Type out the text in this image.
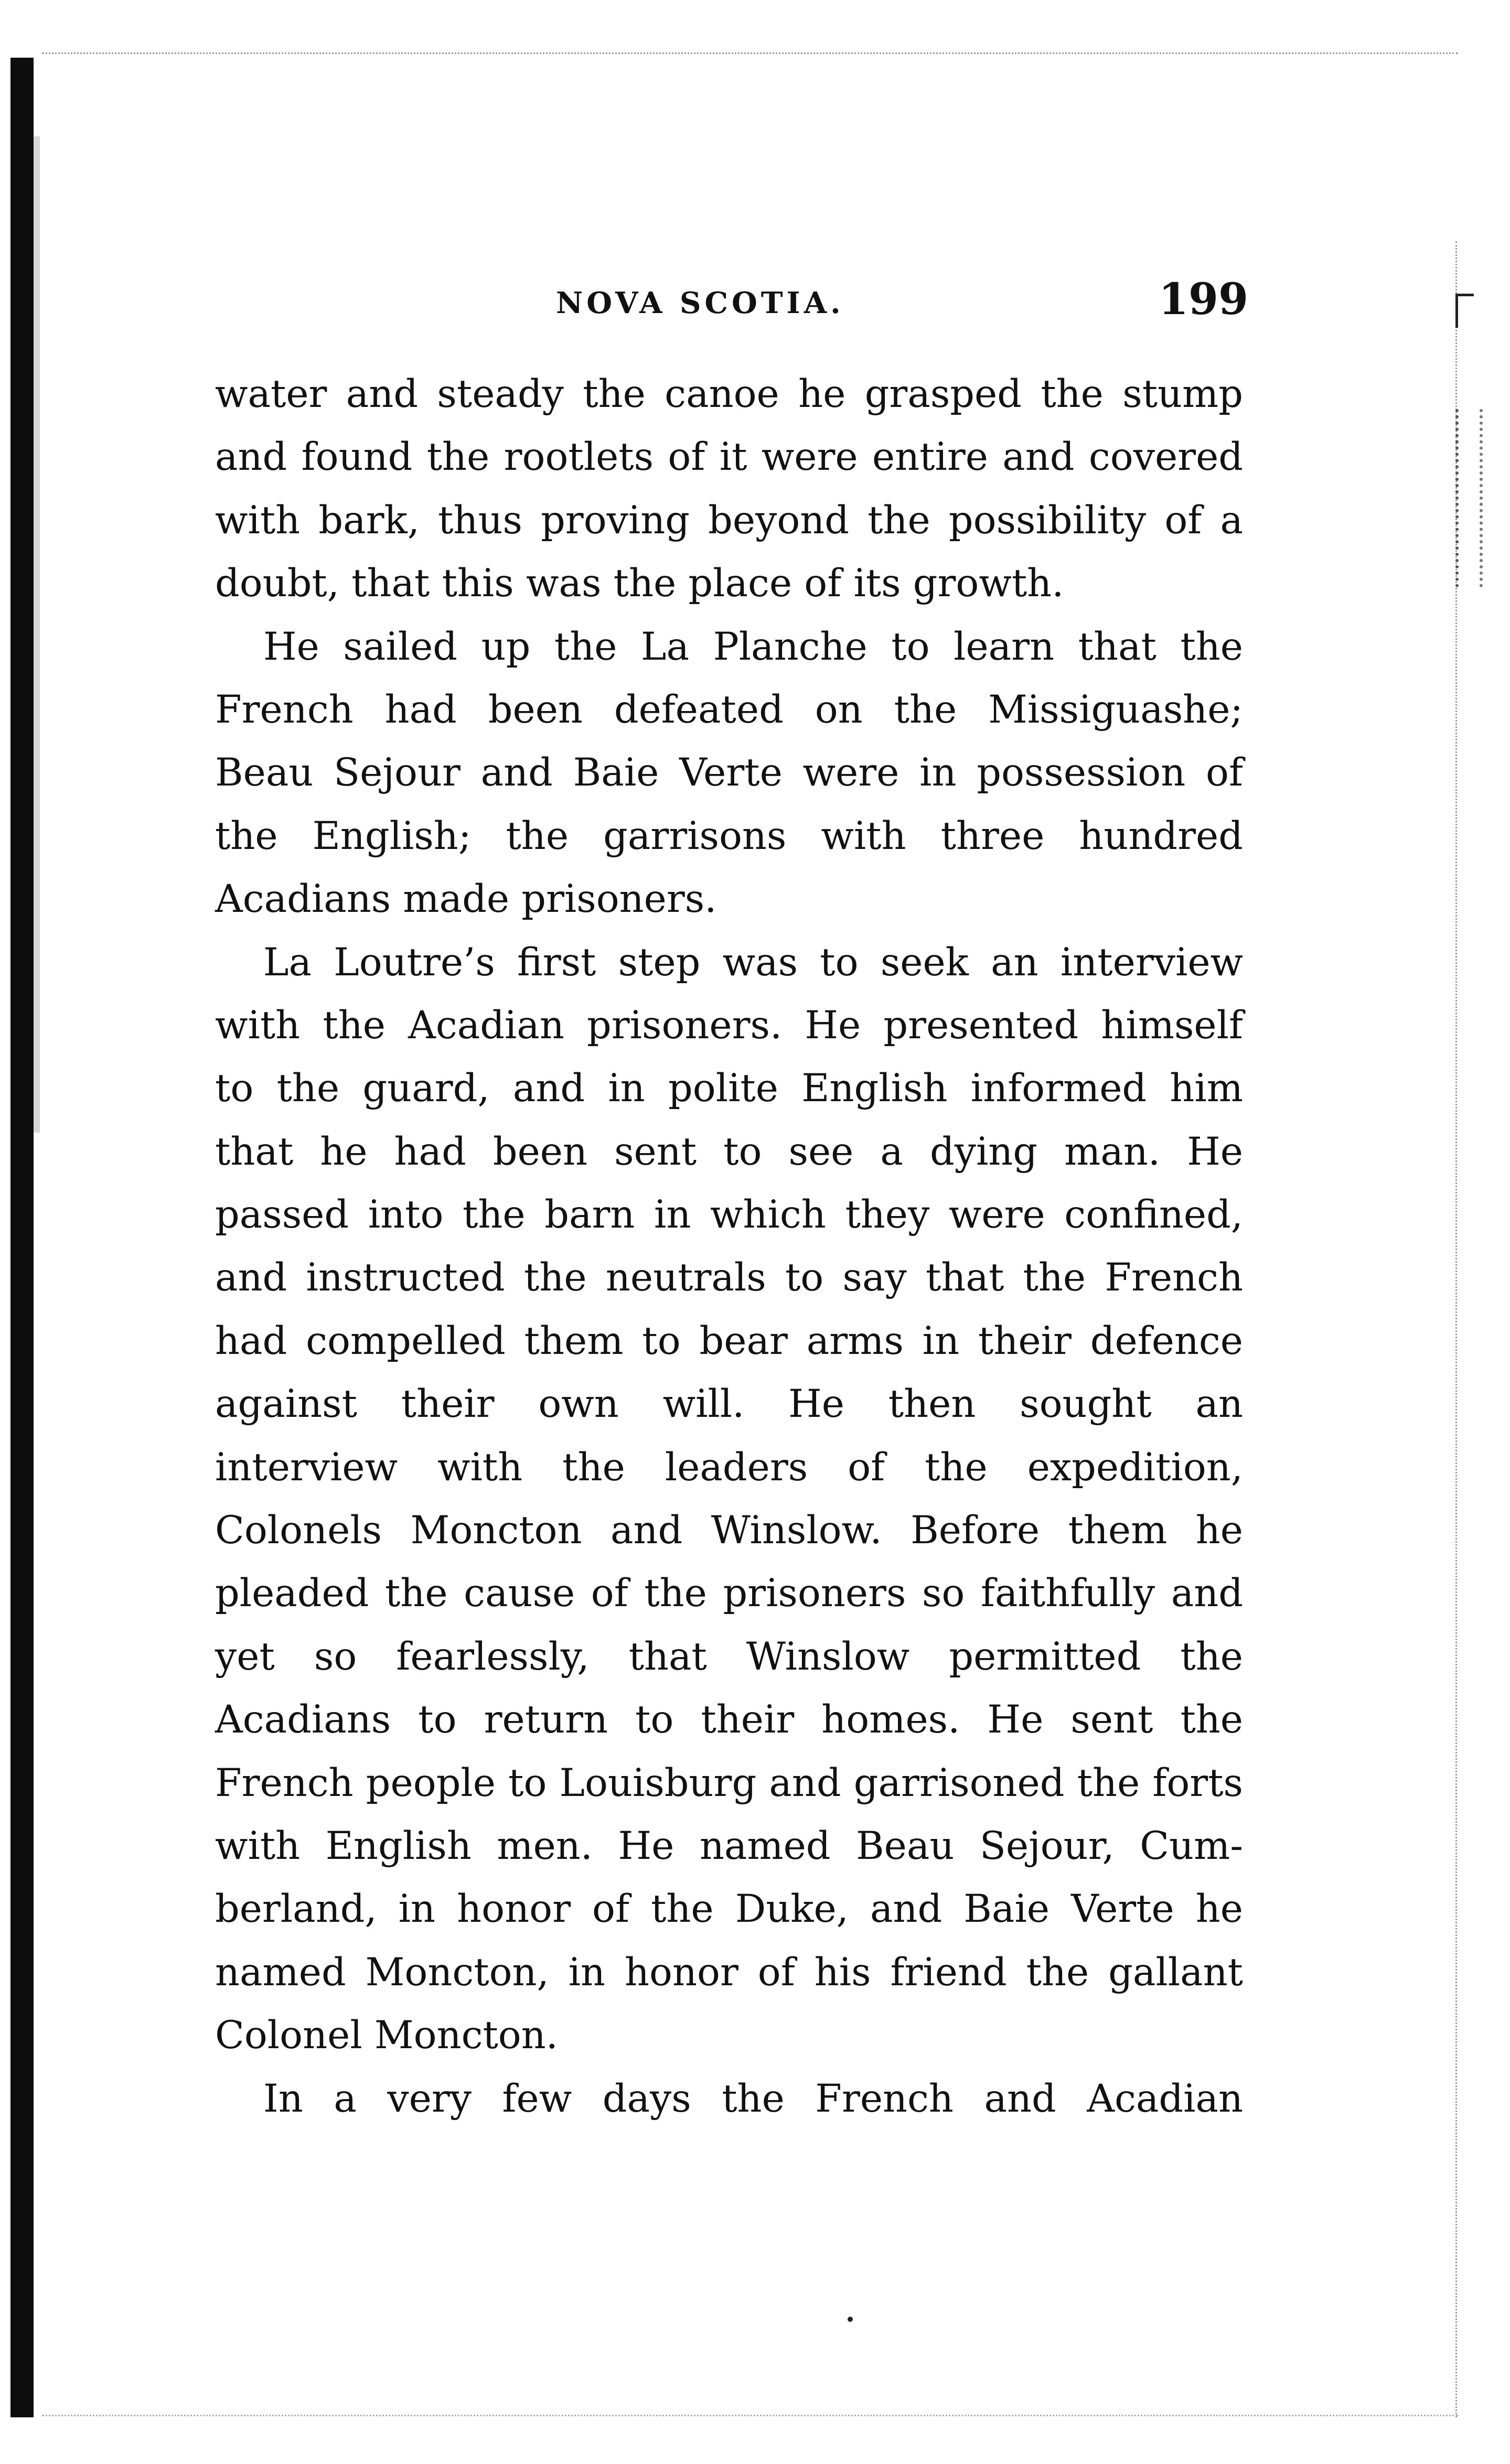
NOVA SCOTIA.	199
water and steady the canoe he grasped the stump
and found the rootlets of it were entire and covered
with bark, thus proving beyond the possibility of a
doubt, that this was the place of its growth.
He sailed up the La Planche to learn that the
French had been defeated on the Missiguashe;
Beau Sejour and Baie Verte were in possession of
the English; the garrisons with three hundred
Acadians made prisoners.
La Loutre’s first step was to seek an interview
with the Acadian prisoners. He presented himself
to the guard, and in polite English informed him
that he had been sent to see a dying man. He
passed into the barn in which they were confined,
and instructed the neutrals to say that the French
had compelled them to bear arms in their defence
against their own will. He then sought an
interview with the leaders of the expedition,
Colonels Moncton and Winslow. Before them he
pleaded the cause of the prisoners so faithfully and
yet so fearlessly, that Winslow permitted the
Acadians to return to their homes. He sent the
French people to Louisburg and garrisoned the forts
with English men. He named Beau Sejour, Cum-
berland, in honor of the Duke, and Baie Verte he
named Moncton, in honor of his friend the gallant
Colonel Moncton.
In a very few days the French and Acadian
